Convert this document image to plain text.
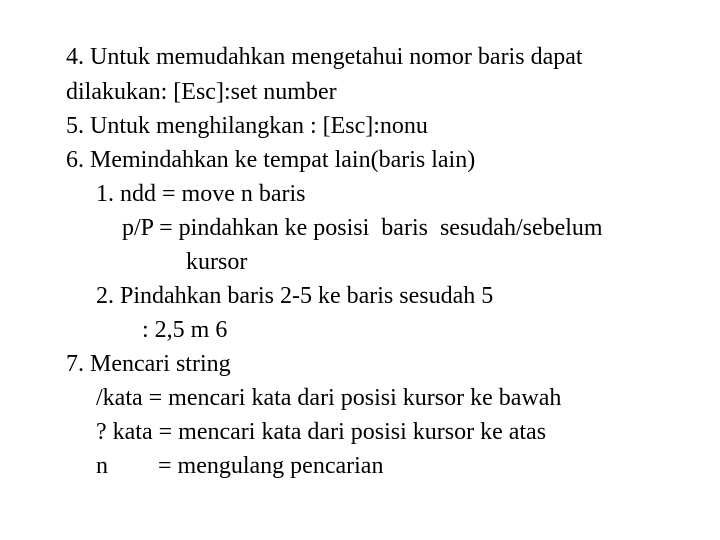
4. Untuk memudahkan mengetahui nomor baris dapat
dilakukan: [Esc]:set number
5. Untuk menghilangkan : [Esc]:nonu
6. Memindahkan ke tempat lain(baris lain)
1. ndd = move n baris
p/P = pindahkan ke posisi  baris  sesudah/sebelum
kursor
2. Pindahkan baris 2-5 ke baris sesudah 5
: 2,5 m 6
7. Mencari string
/kata = mencari kata dari posisi kursor ke bawah
? kata = mencari kata dari posisi kursor ke atas
n = mengulang pencarian
